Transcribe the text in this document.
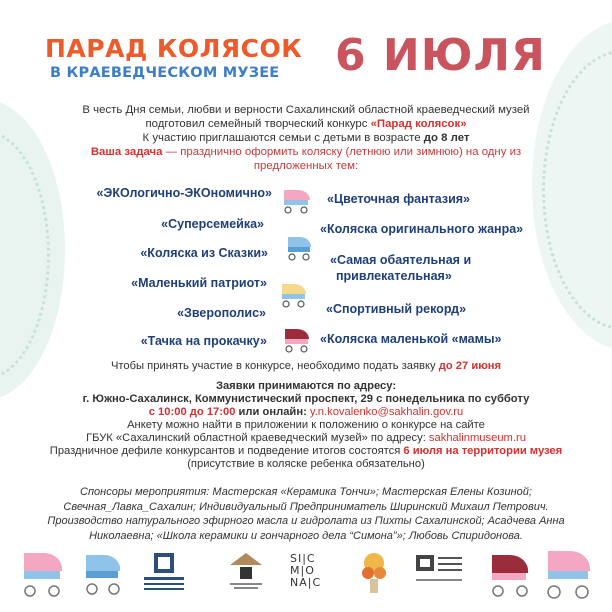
ПАРАД КОЛЯСОК
В КРАЕВЕДЧЕСКОМ МУЗЕЕ 6 ИЮЛЯ
В честь Дня семьи, любви и верности Сахалинский областной краеведческий музей
подготовил семейный творческий конкурс «Парад колясок»
К участию приглашаются семьи с детьми в возрасте до 8 лет
Ваша задача — празднично оформить коляску (летнюю или зимнюю) на одну из
предложенных тем:
«ЭКОлогично-ЭКОномично»
«Суперсемейка»
«Коляска из Сказки»
«Маленький патриот»
«Зверополис»
«Тачка на прокачку»
«Цветочная фантазия»
«Коляска оригинального жанра»
«Самая обаятельная и
привлекательная»
«Спортивный рекорд»
«Коляска маленькой «мамы»
Чтобы принять участие в конкурсе, необходимо подать заявку до 27 июня
Заявки принимаются по адресу:
г. Южно-Сахалинск, Коммунистический проспект, 29 с понедельника по субботу
с 10:00 до 17:00 или онлайн: y.n.kovalenko@sakhalin.gov.ru
Анкету можно найти в приложении к положению о конкурсе на сайте
ГБУК «Сахалинский областной краеведческий музей» по адресу: sakhalinmuseum.ru
Праздничное дефиле конкурсантов и подведение итогов состоятся 6 июля на территории музея
(присутствие в коляске ребенка обязательно)
Спонсоры мероприятия: Мастерская «Керамика Тончи»; Мастерская Елены Козиной;
Свечная_Лавка_Сахалин; Индивидуальный Предприниматель Ширинский Михаил Петрович.
Производство натурального эфирного масла и гидролата из Пихты Сахалинской; Асадчева Анна
Николаевна; «Школа керамики и гончарного дела “Симона”»; Любовь Спиридонова.
SI|C
M|O
NA|C
